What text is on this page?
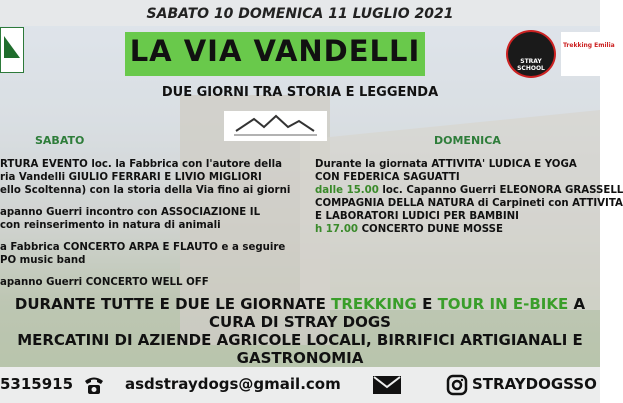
SABATO 10 DOMENICA 11 LUGLIO 2021
LA VIA VANDELLI	STRAY SCHOOL
Trekking Emilia
DUE GIORNI TRA STORIA E LEGGENDA
SABATO	DOMENICA
RTURA EVENTO loc. la Fabbrica con l'autore della
ria Vandelli GIULIO FERRARI E LIVIO MIGLIORI
ello Scoltenna) con la storia della Via fino ai giorni
apanno Guerri incontro con ASSOCIAZIONE IL
con reinserimento in natura di animali
a Fabbrica CONCERTO ARPA E FLAUTO e a seguire
PO music band
apanno Guerri CONCERTO WELL OFF
Durante la giornata ATTIVITA' LUDICA E YOGA
CON FEDERICA SAGUATTI
dalle 15.00 loc. Capanno Guerri ELEONORA GRASSELL
COMPAGNIA DELLA NATURA di Carpineti con ATTIVITA
E LABORATORI LUDICI PER BAMBINI
h 17.00 CONCERTO DUNE MOSSE
DURANTE TUTTE E DUE LE GIORNATE TREKKING E TOUR IN E-BIKE A
CURA DI STRAY DOGS
MERCATINI DI AZIENDE AGRICOLE LOCALI, BIRRIFICI ARTIGIANALI E
GASTRONOMIA
5315915	asdstraydogs@gmail.com	STRAYDOGSSO
